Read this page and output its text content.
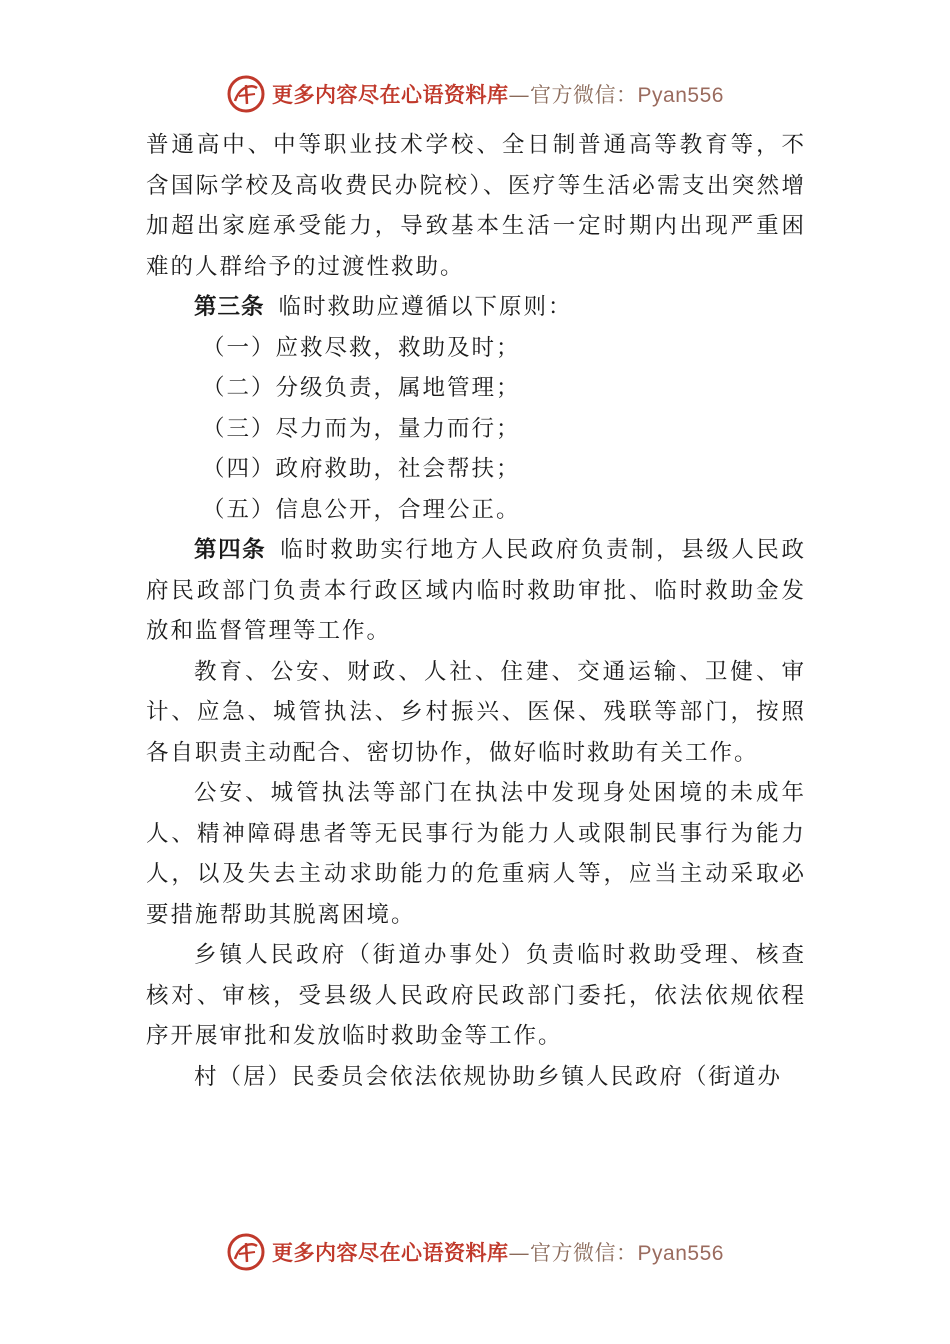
更多内容尽在心语资料库—官方微信：Pyan556

普通高中、中等职业技术学校、全日制普通高等教育等，不含国际学校及高收费民办院校）、医疗等生活必需支出突然增加超出家庭承受能力，导致基本生活一定时期内出现严重困难的人群给予的过渡性救助。

第三条 临时救助应遵循以下原则：

（一）应救尽救，救助及时；

（二）分级负责，属地管理；

（三）尽力而为，量力而行；

（四）政府救助，社会帮扶；

（五）信息公开，合理公正。

第四条 临时救助实行地方人民政府负责制，县级人民政府民政部门负责本行政区域内临时救助审批、临时救助金发放和监督管理等工作。

教育、公安、财政、人社、住建、交通运输、卫健、审计、应急、城管执法、乡村振兴、医保、残联等部门，按照各自职责主动配合、密切协作，做好临时救助有关工作。

公安、城管执法等部门在执法中发现身处困境的未成年人、精神障碍患者等无民事行为能力人或限制民事行为能力人，以及失去主动求助能力的危重病人等，应当主动采取必要措施帮助其脱离困境。

乡镇人民政府（街道办事处）负责临时救助受理、核查核对、审核，受县级人民政府民政部门委托，依法依规依程序开展审批和发放临时救助金等工作。

村（居）民委员会依法依规协助乡镇人民政府（街道办

更多内容尽在心语资料库—官方微信：Pyan556
